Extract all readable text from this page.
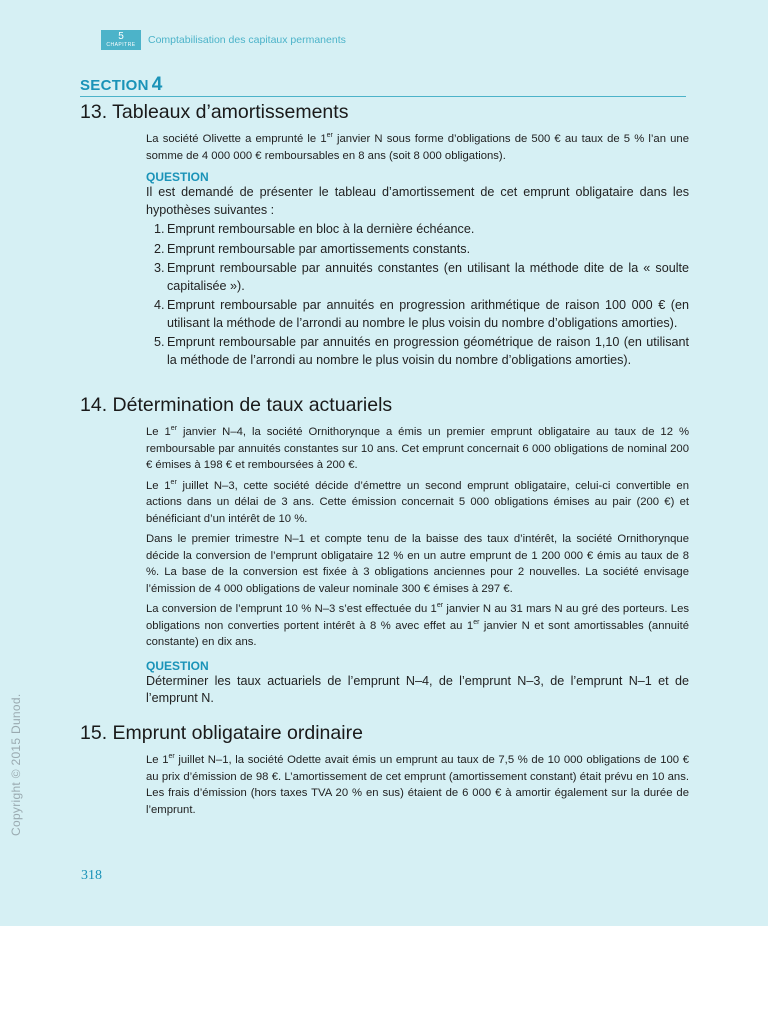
5
CHAPITRE Comptabilisation des capitaux permanents
SECTION 4
13. Tableaux d’amortissements

La société Olivette a emprunté le 1er janvier N sous forme d’obligations de 500 € au taux de 5 % l’an une somme de 4 000 000 € remboursables en 8 ans (soit 8 000 obligations).

QUESTION

Il est demandé de présenter le tableau d’amortissement de cet emprunt obligataire dans les hypothèses suivantes :

1. Emprunt remboursable en bloc à la dernière échéance.
2. Emprunt remboursable par amortissements constants.
3. Emprunt remboursable par annuités constantes (en utilisant la méthode dite de la « soulte capitalisée »).
4. Emprunt remboursable par annuités en progression arithmétique de raison 100 000 € (en utilisant la méthode de l’arrondi au nombre le plus voisin du nombre d’obligations amorties).
5. Emprunt remboursable par annuités en progression géométrique de raison 1,10 (en utilisant la méthode de l’arrondi au nombre le plus voisin du nombre d’obligations amorties).
14. Détermination de taux actuariels

Le 1er janvier N–4, la société Ornithorynque a émis un premier emprunt obligataire au taux de 12 % remboursable par annuités constantes sur 10 ans. Cet emprunt concernait 6 000 obligations de nominal 200 € émises à 198 € et remboursées à 200 €.

Le 1er juillet N–3, cette société décide d’émettre un second emprunt obligataire, celui-ci convertible en actions dans un délai de 3 ans. Cette émission concernait 5 000 obligations émises au pair (200 €) et bénéficiant d’un intérêt de 10 %.

Dans le premier trimestre N–1 et compte tenu de la baisse des taux d’intérêt, la société Ornithorynque décide la conversion de l’emprunt obligataire 12 % en un autre emprunt de 1 200 000 € émis au taux de 8 %. La base de la conversion est fixée à 3 obligations anciennes pour 2 nouvelles. La société envisage l’émission de 4 000 obligations de valeur nominale 300 € émises à 297 €.

La conversion de l’emprunt 10 % N–3 s’est effectuée du 1er janvier N au 31 mars N au gré des porteurs. Les obligations non converties portent intérêt à 8 % avec effet au 1er janvier N et sont amortissables (annuité constante) en dix ans.

QUESTION

Déterminer les taux actuariels de l’emprunt N–4, de l’emprunt N–3, de l’emprunt N–1 et de l’emprunt N.

15. Emprunt obligataire ordinaire

Le 1er juillet N–1, la société Odette avait émis un emprunt au taux de 7,5 % de 10 000 obligations de 100 € au prix d’émission de 98 €. L’amortissement de cet emprunt (amortissement constant) était prévu en 10 ans. Les frais d’émission (hors taxes TVA 20 % en sus) étaient de 6 000 € à amortir également sur la durée de l’emprunt.

Copyright © 2015 Dunod.
318
